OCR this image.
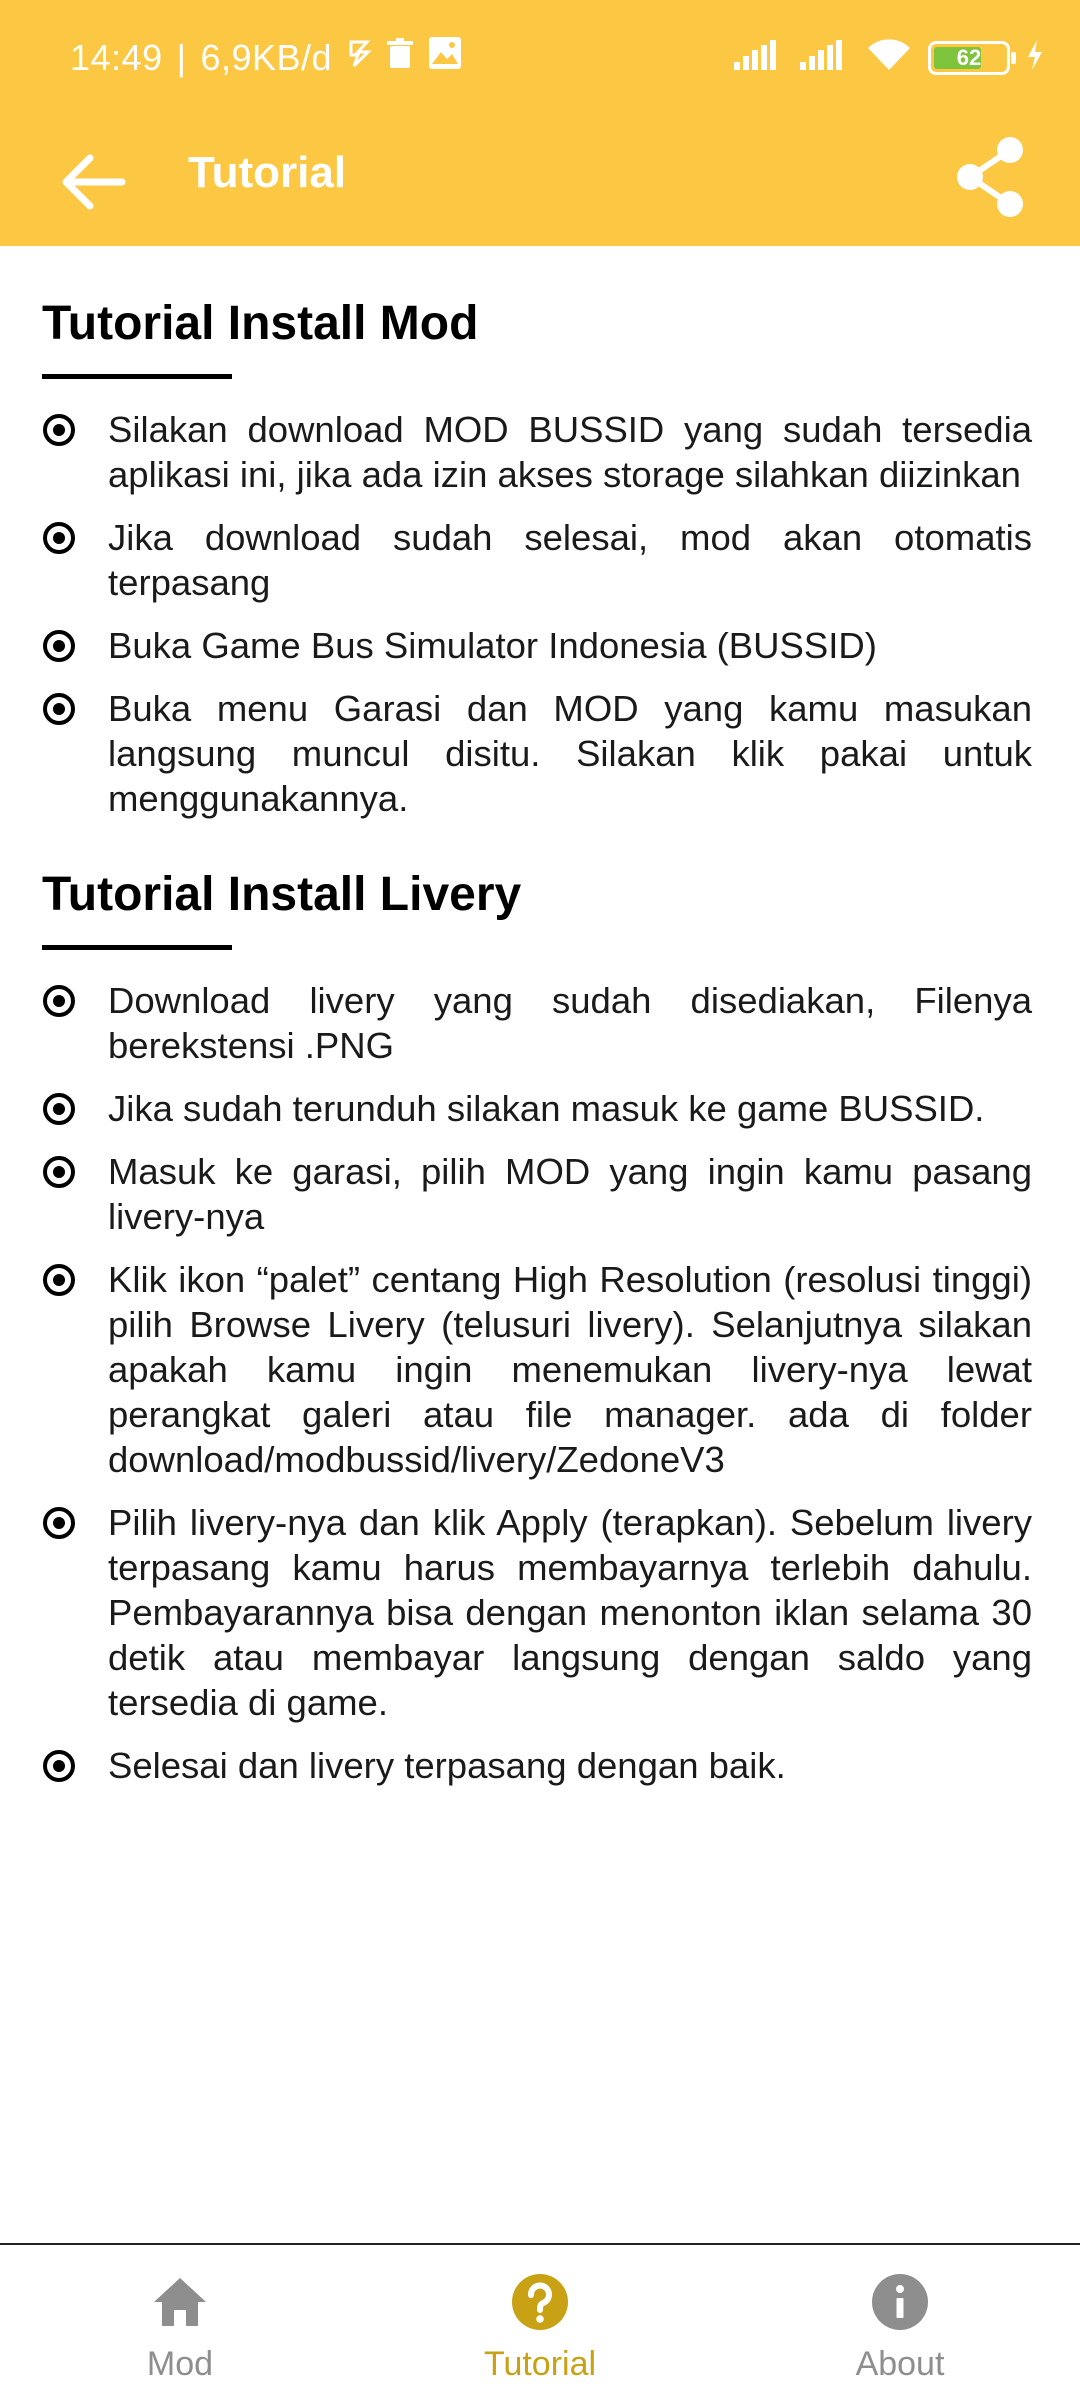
14:49 | 6,9KB/d	62
Tutorial
Tutorial Install Mod
Silakan download MOD BUSSID yang sudah tersedia aplikasi ini, jika ada izin akses storage silahkan diizinkan
Jika download sudah selesai, mod akan otomatis terpasang
Buka Game Bus Simulator Indonesia (BUSSID)
Buka menu Garasi dan MOD yang kamu masukan langsung muncul disitu. Silakan klik pakai untuk menggunakannya.
Tutorial Install Livery
Download livery yang sudah disediakan, Filenya berekstensi .PNG
Jika sudah terunduh silakan masuk ke game BUSSID.
Masuk ke garasi, pilih MOD yang ingin kamu pasang livery-nya
Klik ikon “palet” centang High Resolution (resolusi tinggi) pilih Browse Livery (telusuri livery). Selanjutnya silakan apakah kamu ingin menemukan livery-nya lewat perangkat galeri atau file manager. ada di folder download/modbussid/livery/ZedoneV3
Pilih livery-nya dan klik Apply (terapkan). Sebelum livery terpasang kamu harus membayarnya terlebih dahulu. Pembayarannya bisa dengan menonton iklan selama 30 detik atau membayar langsung dengan saldo yang tersedia di game.
Selesai dan livery terpasang dengan baik.
Mod	Tutorial	About
